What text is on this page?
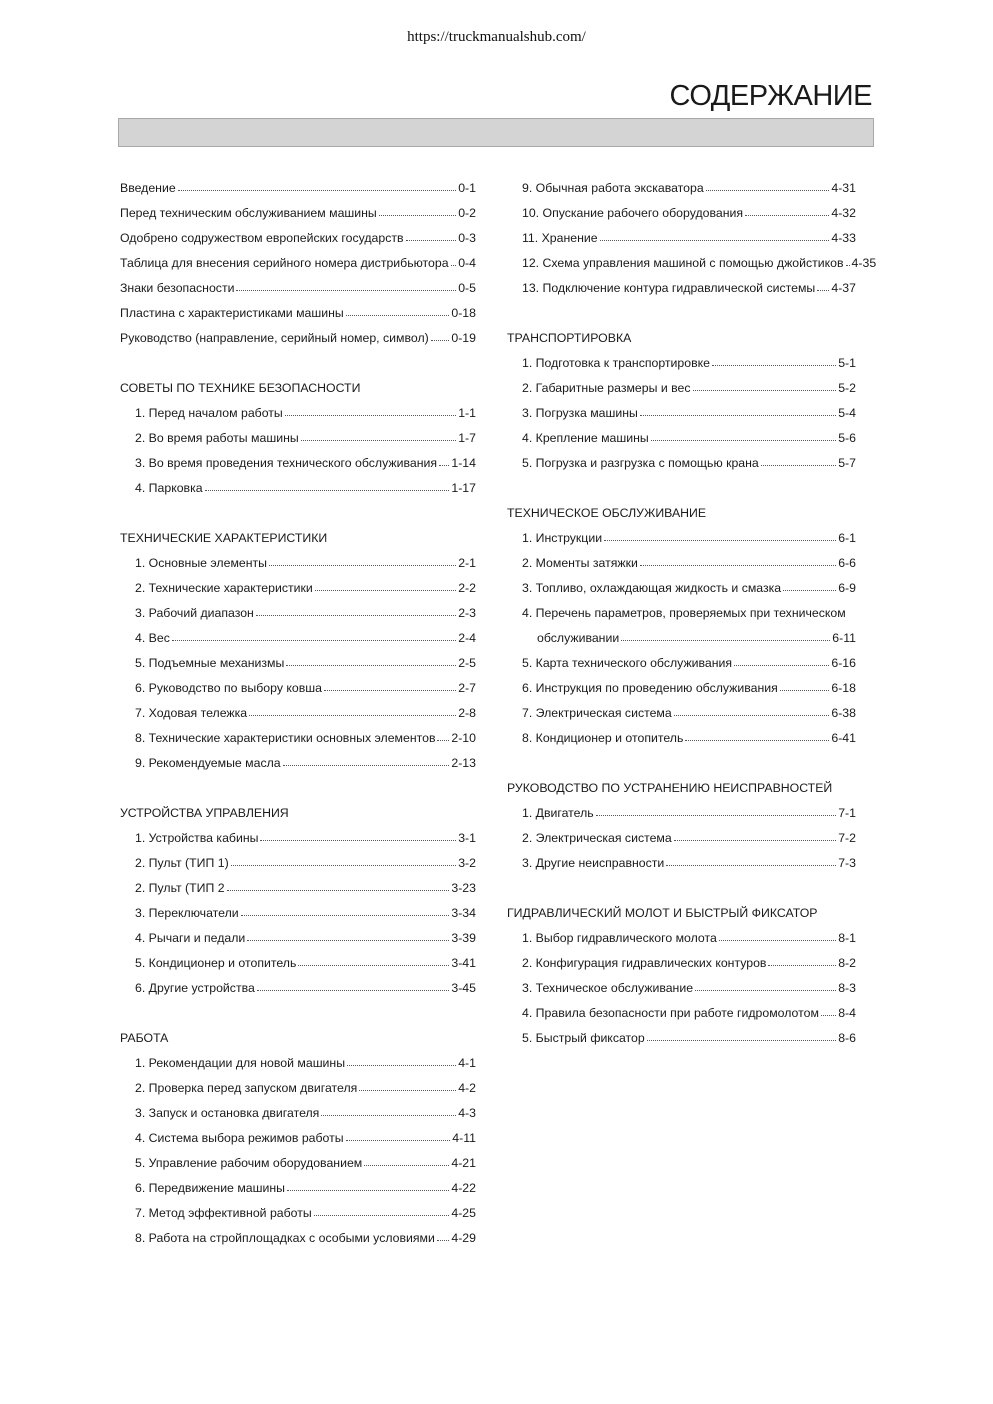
https://truckmanualshub.com/
СОДЕРЖАНИЕ
Введение	0-1
Перед техническим обслуживанием машины	0-2
Одобрено содружеством европейских государств	0-3
Таблица для внесения серийного номера дистрибьютора 0-4
Знаки безопасности	0-5
Пластина с характеристиками машины	0-18
Руководство (направление, серийный номер, символ) 0-19
СОВЕТЫ ПО ТЕХНИКЕ БЕЗОПАСНОСТИ
1. Перед началом работы	1-1
2. Во время работы машины	1-7
3. Во время проведения технического обслуживания 1-14
4. Парковка	1-17
ТЕХНИЧЕСКИЕ ХАРАКТЕРИСТИКИ
1. Основные элементы	2-1
2. Технические характеристики	2-2
3. Рабочий диапазон	2-3
4. Вес	2-4
5. Подъемные механизмы	2-5
6. Руководство по выбору ковша	2-7
7. Ходовая тележка	2-8
8. Технические характеристики основных элементов 2-10
9. Рекомендуемые масла	2-13
УСТРОЙСТВА УПРАВЛЕНИЯ
1. Устройства кабины	3-1
2. Пульт (ТИП 1)	3-2
2. Пульт (ТИП 2	3-23
3. Переключатели	3-34
4. Рычаги и педали	3-39
5. Кондиционер и отопитель	3-41
6. Другие устройства	3-45
РАБОТА
1. Рекомендации для новой машины	4-1
2. Проверка перед запуском двигателя	4-2
3. Запуск и остановка двигателя	4-3
4. Система выбора режимов работы	4-11
5. Управление рабочим оборудованием	4-21
6. Передвижение машины	4-22
7. Метод эффективной работы	4-25
8. Работа на стройплощадках с особыми условиями 4-29
9. Обычная работа экскаватора	4-31
10. Опускание рабочего оборудования	4-32
11. Хранение	4-33
12. Схема управления машиной с помощью джойстиков 4-35
13. Подключение контура гидравлической системы 4-37
ТРАНСПОРТИРОВКА
1. Подготовка к транспортировке	5-1
2. Габаритные размеры и вес	5-2
3. Погрузка машины	5-4
4. Крепление машины	5-6
5. Погрузка и разгрузка с помощью крана	5-7
ТЕХНИЧЕСКОЕ ОБСЛУЖИВАНИЕ
1. Инструкции	6-1
2. Моменты затяжки	6-6
3. Топливо, охлаждающая жидкость и смазка	6-9
4. Перечень параметров, проверяемых при техническом
обслуживании	6-11
5. Карта технического обслуживания	6-16
6. Инструкция по проведению обслуживания	6-18
7. Электрическая система	6-38
8. Кондиционер и отопитель	6-41
РУКОВОДСТВО ПО УСТРАНЕНИЮ НЕИСПРАВНОСТЕЙ
1. Двигатель	7-1
2. Электрическая система	7-2
3. Другие неисправности	7-3
ГИДРАВЛИЧЕСКИЙ МОЛОТ И БЫСТРЫЙ ФИКСАТОР
1. Выбор гидравлического молота	8-1
2. Конфигурация гидравлических контуров	8-2
3. Техническое обслуживание	8-3
4. Правила безопасности при работе гидромолотом 8-4
5. Быстрый фиксатор	8-6
